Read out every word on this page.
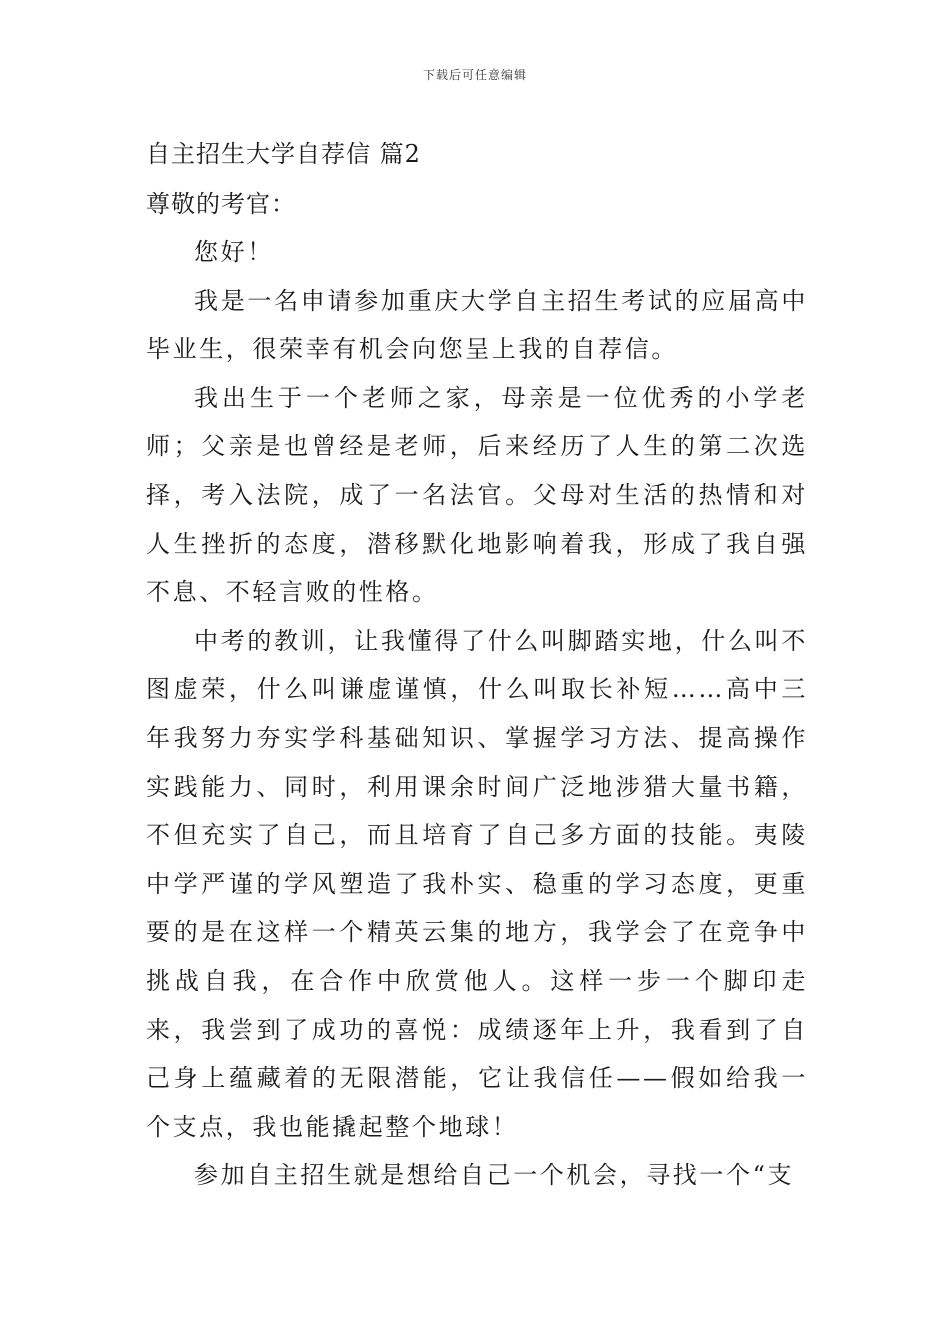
下载后可任意编辑
自主招生大学自荐信 篇2
尊敬的考官：

您好！

我是一名申请参加重庆大学自主招生考试的应届高中毕业生，很荣幸有机会向您呈上我的自荐信。

我出生于一个老师之家，母亲是一位优秀的小学老师；父亲是也曾经是老师，后来经历了人生的第二次选择，考入法院，成了一名法官。父母对生活的热情和对人生挫折的态度，潜移默化地影响着我，形成了我自强不息、不轻言败的性格。

中考的教训，让我懂得了什么叫脚踏实地，什么叫不图虚荣，什么叫谦虚谨慎，什么叫取长补短……高中三年我努力夯实学科基础知识、掌握学习方法、提高操作实践能力、同时，利用课余时间广泛地涉猎大量书籍，不但充实了自己，而且培育了自己多方面的技能。夷陵中学严谨的学风塑造了我朴实、稳重的学习态度，更重要的是在这样一个精英云集的地方，我学会了在竞争中挑战自我，在合作中欣赏他人。这样一步一个脚印走来，我尝到了成功的喜悦：成绩逐年上升，我看到了自己身上蕴藏着的无限潜能，它让我信任——假如给我一个支点，我也能撬起整个地球！

参加自主招生就是想给自己一个机会，寻找一个“支
